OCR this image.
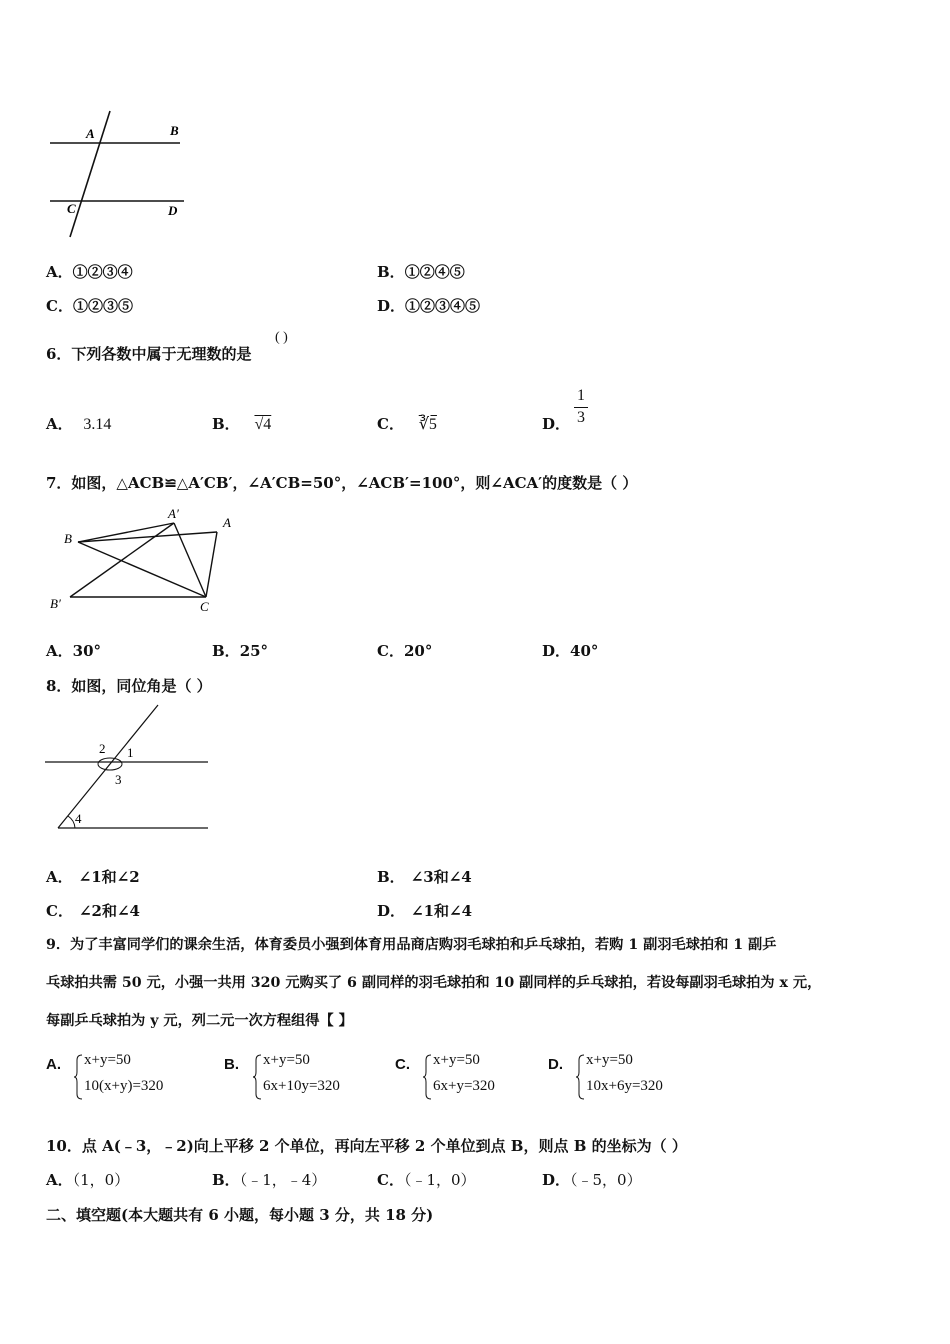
A	B
C	D
A．①②③④	B．①②④⑤
C．①②③⑤	D．①②③④⑤
6．下列各数中属于无理数的是
( )
A． 3.14	B． √4	C． ∛5	D．
1
3
7．如图，△ACB≌△A′CB′，∠A′CB=50°，∠ACB′=100°，则∠ACA′的度数是（ ）
B
A′
A
B′	C
A．30°	B．25°	C．20°	D．40°
8．如图，同位角是（ ）
2 1
3
4
A． ∠1和∠2	B． ∠3和∠4
C． ∠2和∠4	D． ∠1和∠4
9．为了丰富同学们的课余生活，体育委员小强到体育用品商店购羽毛球拍和乒乓球拍，若购 1 副羽毛球拍和 1 副乒
乓球拍共需 50 元，小强一共用 320 元购买了 6 副同样的羽毛球拍和 10 副同样的乒乓球拍，若设每副羽毛球拍为 x 元，
每副乒乓球拍为 y 元，列二元一次方程组得【 】
A. x+y=50
10(x+y)=320
B. x+y=50
6x+10y=320
C. x+y=50
6x+y=320
D. x+y=50
10x+6y=320
10．点 A(﹣3，﹣2)向上平移 2 个单位，再向左平移 2 个单位到点 B，则点 B 的坐标为（ ）
A．（1，0）	B．（﹣1，﹣4）	C．（﹣1，0）	D．（﹣5，0）
二、填空题(本大题共有 6 小题，每小题 3 分，共 18 分)
